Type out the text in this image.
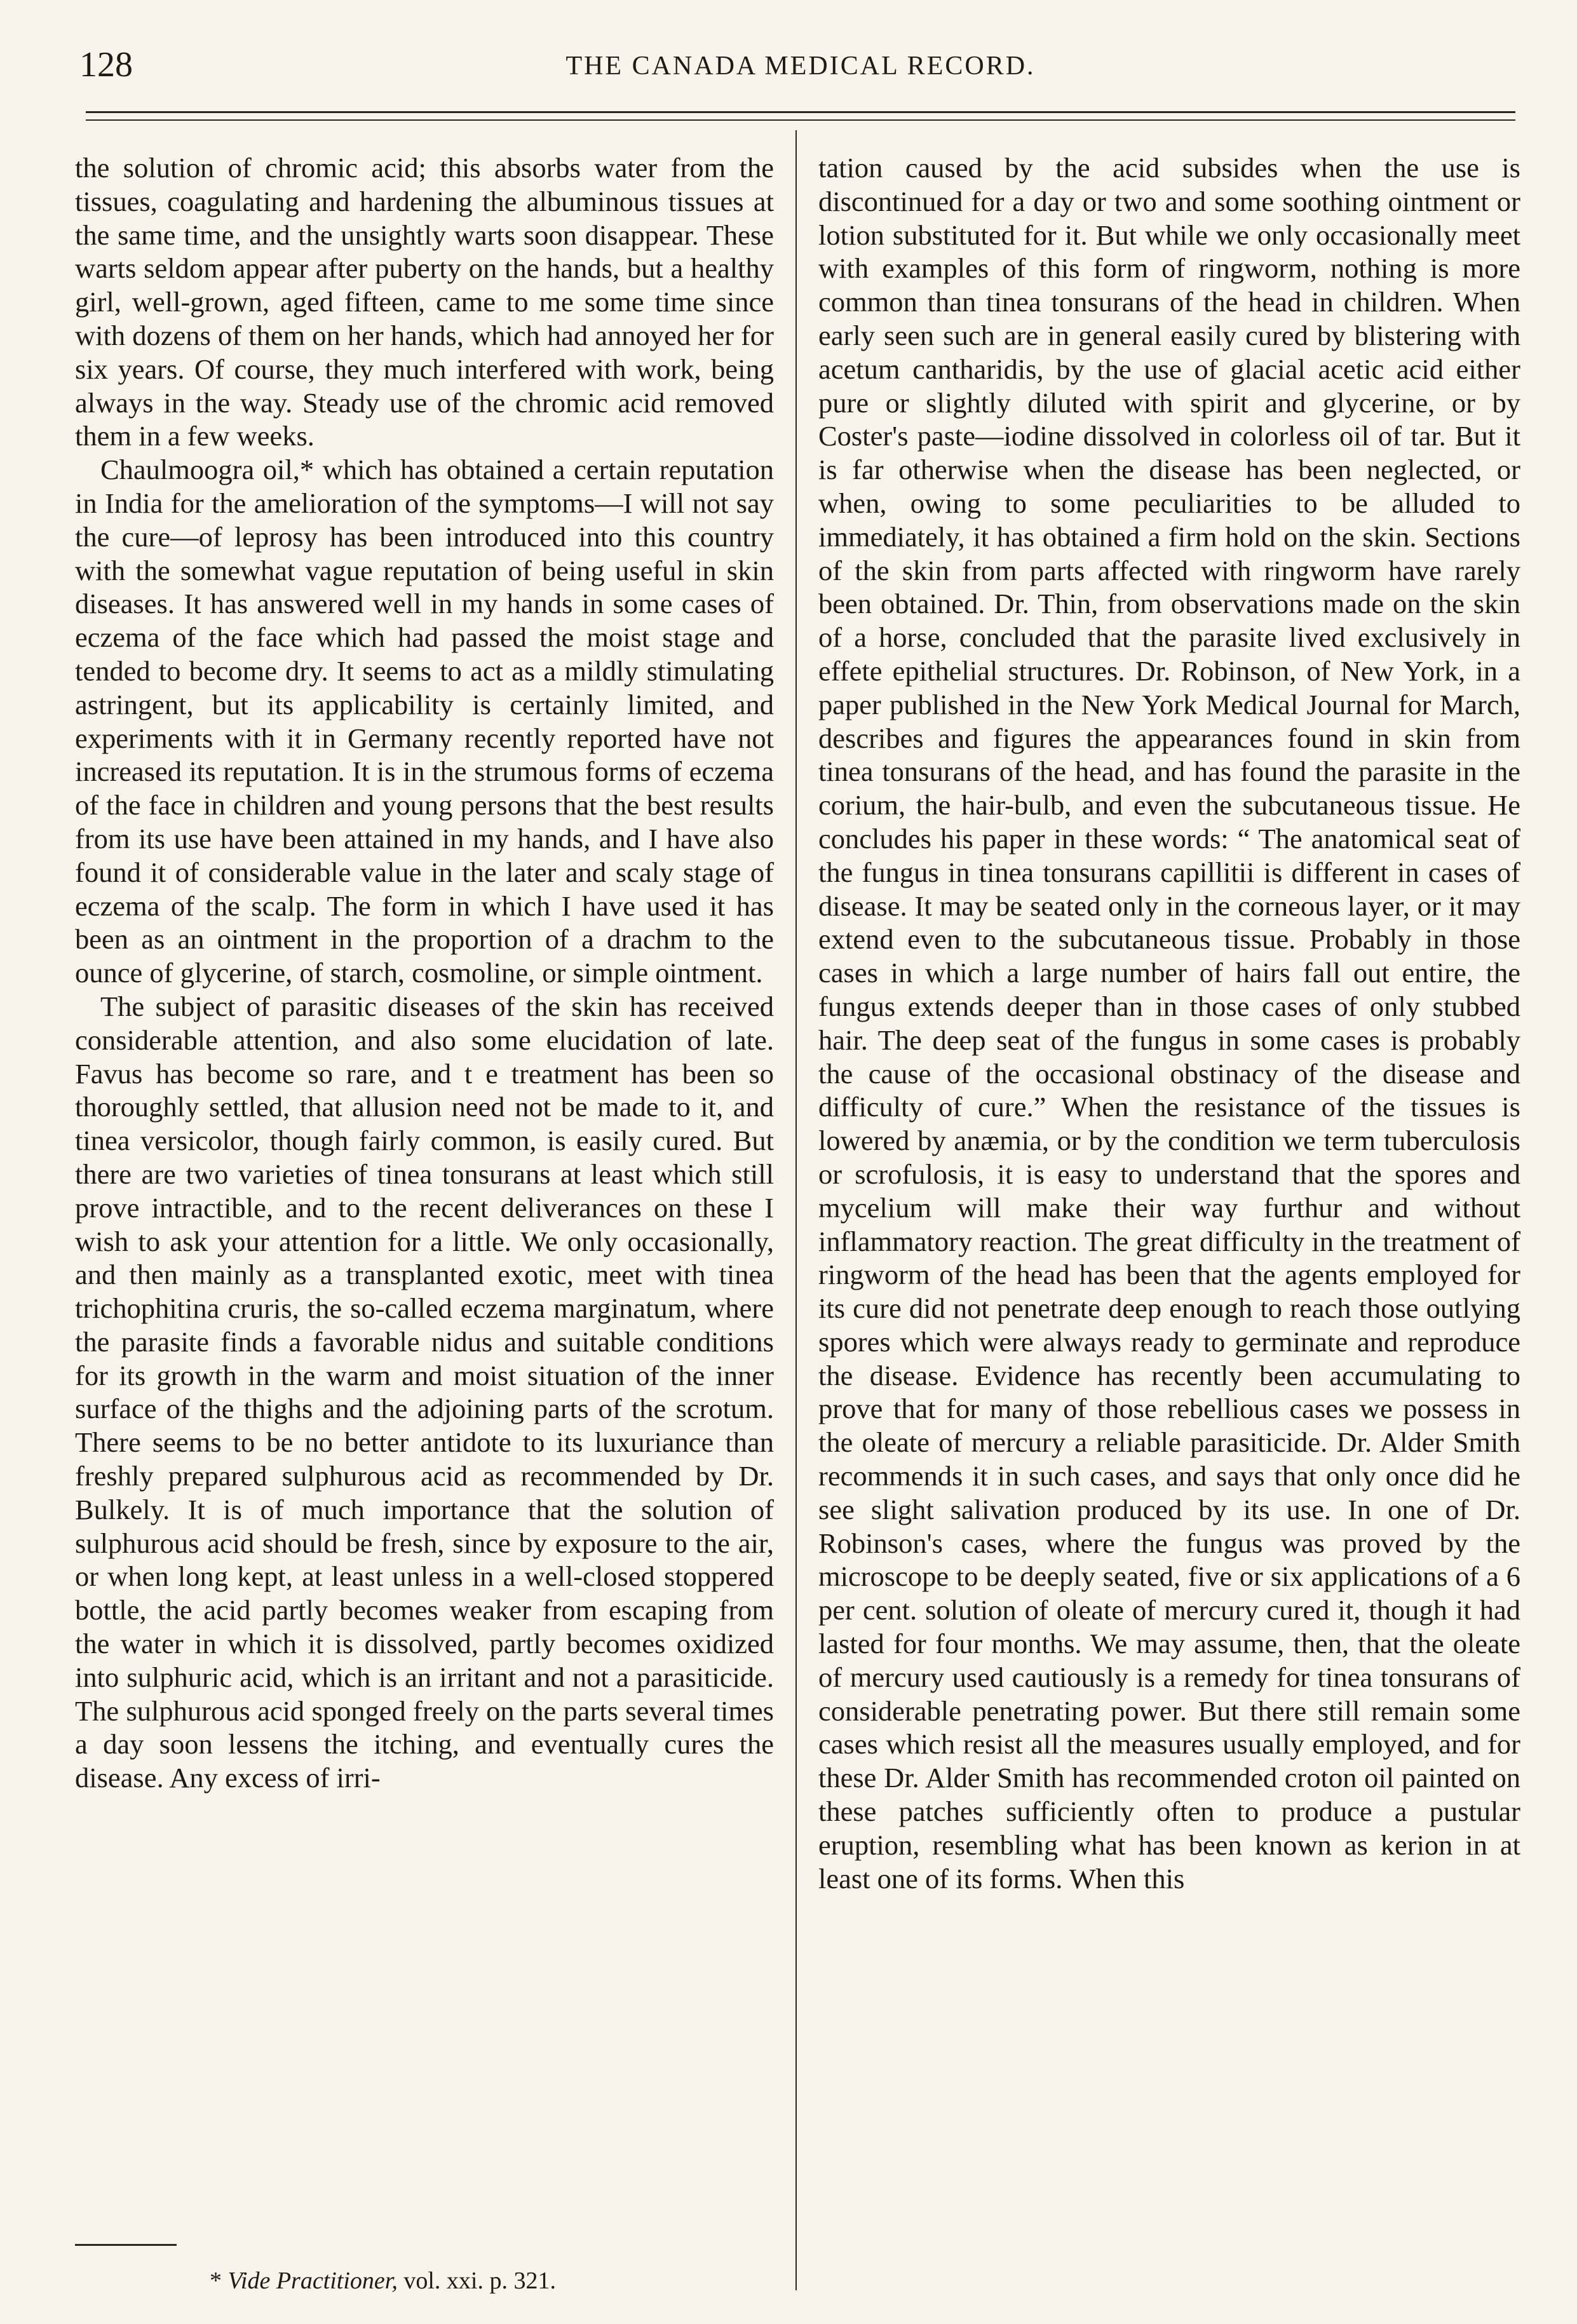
128	THE CANADA MEDICAL RECORD.

the solution of chromic acid; this absorbs water from the tissues, coagulating and hardening the albuminous tissues at the same time, and the unsightly warts soon disappear. These warts seldom appear after puberty on the hands, but a healthy girl, well-grown, aged fifteen, came to me some time since with dozens of them on her hands, which had annoyed her for six years. Of course, they much interfered with work, being always in the way. Steady use of the chromic acid removed them in a few weeks.

Chaulmoogra oil,* which has obtained a certain reputation in India for the amelioration of the symptoms—I will not say the cure—of leprosy has been introduced into this country with the somewhat vague reputation of being useful in skin diseases. It has answered well in my hands in some cases of eczema of the face which had passed the moist stage and tended to become dry. It seems to act as a mildly stimulating astringent, but its applicability is certainly limited, and experiments with it in Germany recently reported have not increased its reputation. It is in the strumous forms of eczema of the face in children and young persons that the best results from its use have been attained in my hands, and I have also found it of considerable value in the later and scaly stage of eczema of the scalp. The form in which I have used it has been as an ointment in the proportion of a drachm to the ounce of glycerine, of starch, cosmoline, or simple ointment.

The subject of parasitic diseases of the skin has received considerable attention, and also some elucidation of late. Favus has become so rare, and t e treatment has been so thoroughly settled, that allusion need not be made to it, and tinea versicolor, though fairly common, is easily cured. But there are two varieties of tinea tonsurans at least which still prove intractible, and to the recent deliverances on these I wish to ask your attention for a little. We only occasionally, and then mainly as a transplanted exotic, meet with tinea trichophitina cruris, the so-called eczema marginatum, where the parasite finds a favorable nidus and suitable conditions for its growth in the warm and moist situation of the inner surface of the thighs and the adjoining parts of the scrotum. There seems to be no better antidote to its luxuriance than freshly prepared sulphurous acid as recommended by Dr. Bulkely. It is of much importance that the solution of sulphurous acid should be fresh, since by exposure to the air, or when long kept, at least unless in a well-closed stoppered bottle, the acid partly becomes weaker from escaping from the water in which it is dissolved, partly becomes oxidized into sulphuric acid, which is an irritant and not a parasiticide. The sulphurous acid sponged freely on the parts several times a day soon lessens the itching, and eventually cures the disease. Any excess of irri-

tation caused by the acid subsides when the use is discontinued for a day or two and some soothing ointment or lotion substituted for it. But while we only occasionally meet with examples of this form of ringworm, nothing is more common than tinea tonsurans of the head in children. When early seen such are in general easily cured by blistering with acetum cantharidis, by the use of glacial acetic acid either pure or slightly diluted with spirit and glycerine, or by Coster's paste—iodine dissolved in colorless oil of tar. But it is far otherwise when the disease has been neglected, or when, owing to some peculiarities to be alluded to immediately, it has obtained a firm hold on the skin. Sections of the skin from parts affected with ringworm have rarely been obtained. Dr. Thin, from observations made on the skin of a horse, concluded that the parasite lived exclusively in effete epithelial structures. Dr. Robinson, of New York, in a paper published in the New York Medical Journal for March, describes and figures the appearances found in skin from tinea tonsurans of the head, and has found the parasite in the corium, the hair-bulb, and even the subcutaneous tissue. He concludes his paper in these words: “ The anatomical seat of the fungus in tinea tonsurans capillitii is different in cases of disease. It may be seated only in the corneous layer, or it may extend even to the subcutaneous tissue. Probably in those cases in which a large number of hairs fall out entire, the fungus extends deeper than in those cases of only stubbed hair. The deep seat of the fungus in some cases is probably the cause of the occasional obstinacy of the disease and difficulty of cure.” When the resistance of the tissues is lowered by anæmia, or by the condition we term tuberculosis or scrofulosis, it is easy to understand that the spores and mycelium will make their way furthur and without inflammatory reaction. The great difficulty in the treatment of ringworm of the head has been that the agents employed for its cure did not penetrate deep enough to reach those outlying spores which were always ready to germinate and reproduce the disease. Evidence has recently been accumulating to prove that for many of those rebellious cases we possess in the oleate of mercury a reliable parasiticide. Dr. Alder Smith recommends it in such cases, and says that only once did he see slight salivation produced by its use. In one of Dr. Robinson's cases, where the fungus was proved by the microscope to be deeply seated, five or six applications of a 6 per cent. solution of oleate of mercury cured it, though it had lasted for four months. We may assume, then, that the oleate of mercury used cautiously is a remedy for tinea tonsurans of considerable penetrating power. But there still remain some cases which resist all the measures usually employed, and for these Dr. Alder Smith has recommended croton oil painted on these patches sufficiently often to produce a pustular eruption, resembling what has been known as kerion in at least one of its forms. When this

* Vide Practitioner, vol. xxi. p. 321.
